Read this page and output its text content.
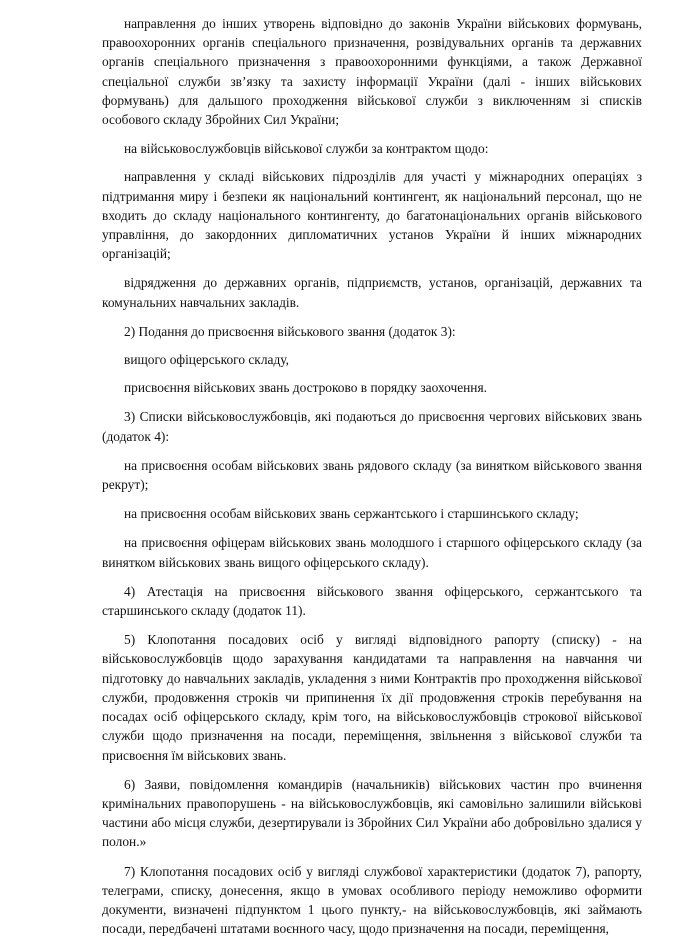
направлення до інших утворень відповідно до законів України військових формувань, правоохоронних органів спеціального призначення, розвідувальних органів та державних органів спеціального призначення з правоохоронними функціями, а також Державної спеціальної служби зв’язку та захисту інформації України (далі - інших військових формувань) для дальшого проходження військової служби з виключенням зі списків особового складу Збройних Сил України;

на військовослужбовців військової служби за контрактом щодо:

направлення у складі військових підрозділів для участі у міжнародних операціях з підтримання миру і безпеки як національний контингент, як національний персонал, що не входить до складу національного контингенту, до багатонаціональних органів військового управління, до закордонних дипломатичних установ України й інших міжнародних організацій;

відрядження до державних органів, підприємств, установ, організацій, державних та комунальних навчальних закладів.

2) Подання до присвоєння військового звання (додаток 3):

вищого офіцерського складу,

присвоєння військових звань достроково в порядку заохочення.

3) Списки військовослужбовців, які подаються до присвоєння чергових військових звань (додаток 4):

на присвоєння особам військових звань рядового складу (за винятком військового звання рекрут);

на присвоєння особам військових звань сержантського і старшинського складу;

на присвоєння офіцерам військових звань молодшого і старшого офіцерського складу (за винятком військових звань вищого офіцерського складу).

4) Атестація на присвоєння військового звання офіцерського, сержантського та старшинського складу (додаток 11).

5) Клопотання посадових осіб у вигляді відповідного рапорту (списку) - на військовослужбовців щодо зарахування кандидатами та направлення на навчання чи підготовку до навчальних закладів, укладення з ними Контрактів про проходження військової служби, продовження строків чи припинення їх дії продовження строків перебування на посадах осіб офіцерського складу, крім того, на військовослужбовців строкової військової служби щодо призначення на посади, переміщення, звільнення з військової служби та присвоєння їм військових звань.

6) Заяви, повідомлення командирів (начальників) військових частин про вчинення кримінальних правопорушень - на військовослужбовців, які самовільно залишили військові частини або місця служби, дезертирували із Збройних Сил України або добровільно здалися у полон.»

7) Клопотання посадових осіб у вигляді службової характеристики (додаток 7), рапорту, телеграми, списку, донесення, якщо в умовах особливого періоду неможливо оформити документи, визначені підпунктом 1 цього пункту,- на військовослужбовців, які займають посади, передбачені штатами воєнного часу, щодо призначення на посади, переміщення,
